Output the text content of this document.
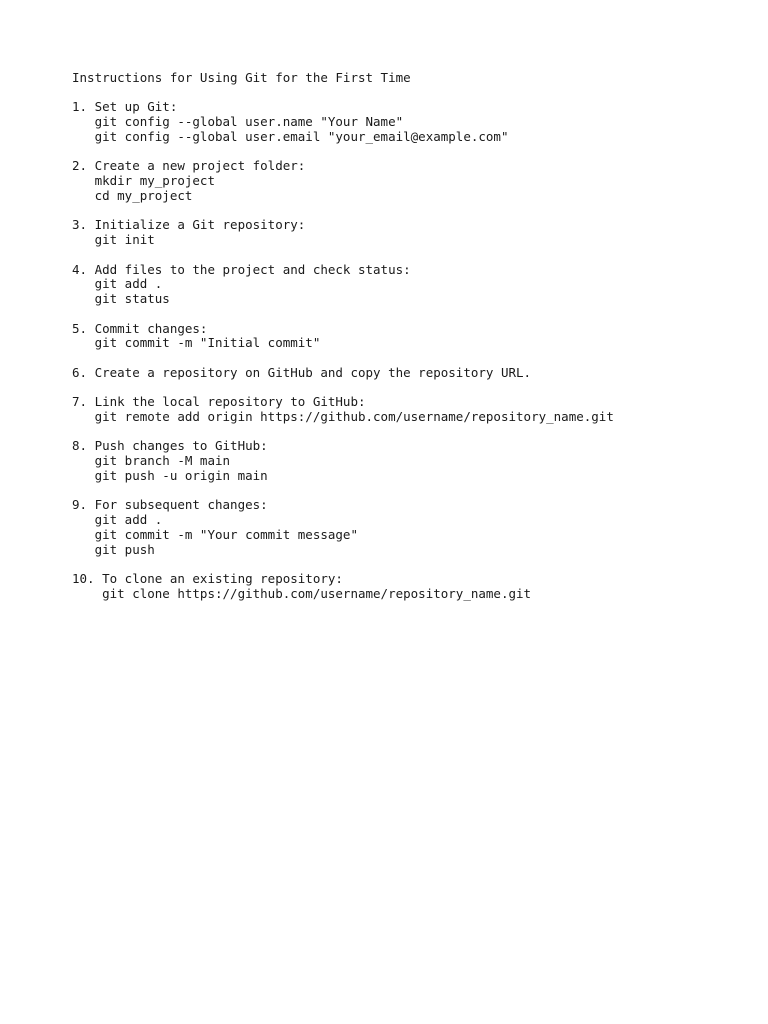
Instructions for Using Git for the First Time
1. Set up Git:
git config --global user.name "Your Name"
git config --global user.email "your_email@example.com"
2. Create a new project folder:
mkdir my_project
cd my_project
3. Initialize a Git repository:
git init
4. Add files to the project and check status:
git add .
git status
5. Commit changes:
git commit -m "Initial commit"
6. Create a repository on GitHub and copy the repository URL.
7. Link the local repository to GitHub:
git remote add origin https://github.com/username/repository_name.git
8. Push changes to GitHub:
git branch -M main
git push -u origin main
9. For subsequent changes:
git add .
git commit -m "Your commit message"
git push
10. To clone an existing repository:
git clone https://github.com/username/repository_name.git
